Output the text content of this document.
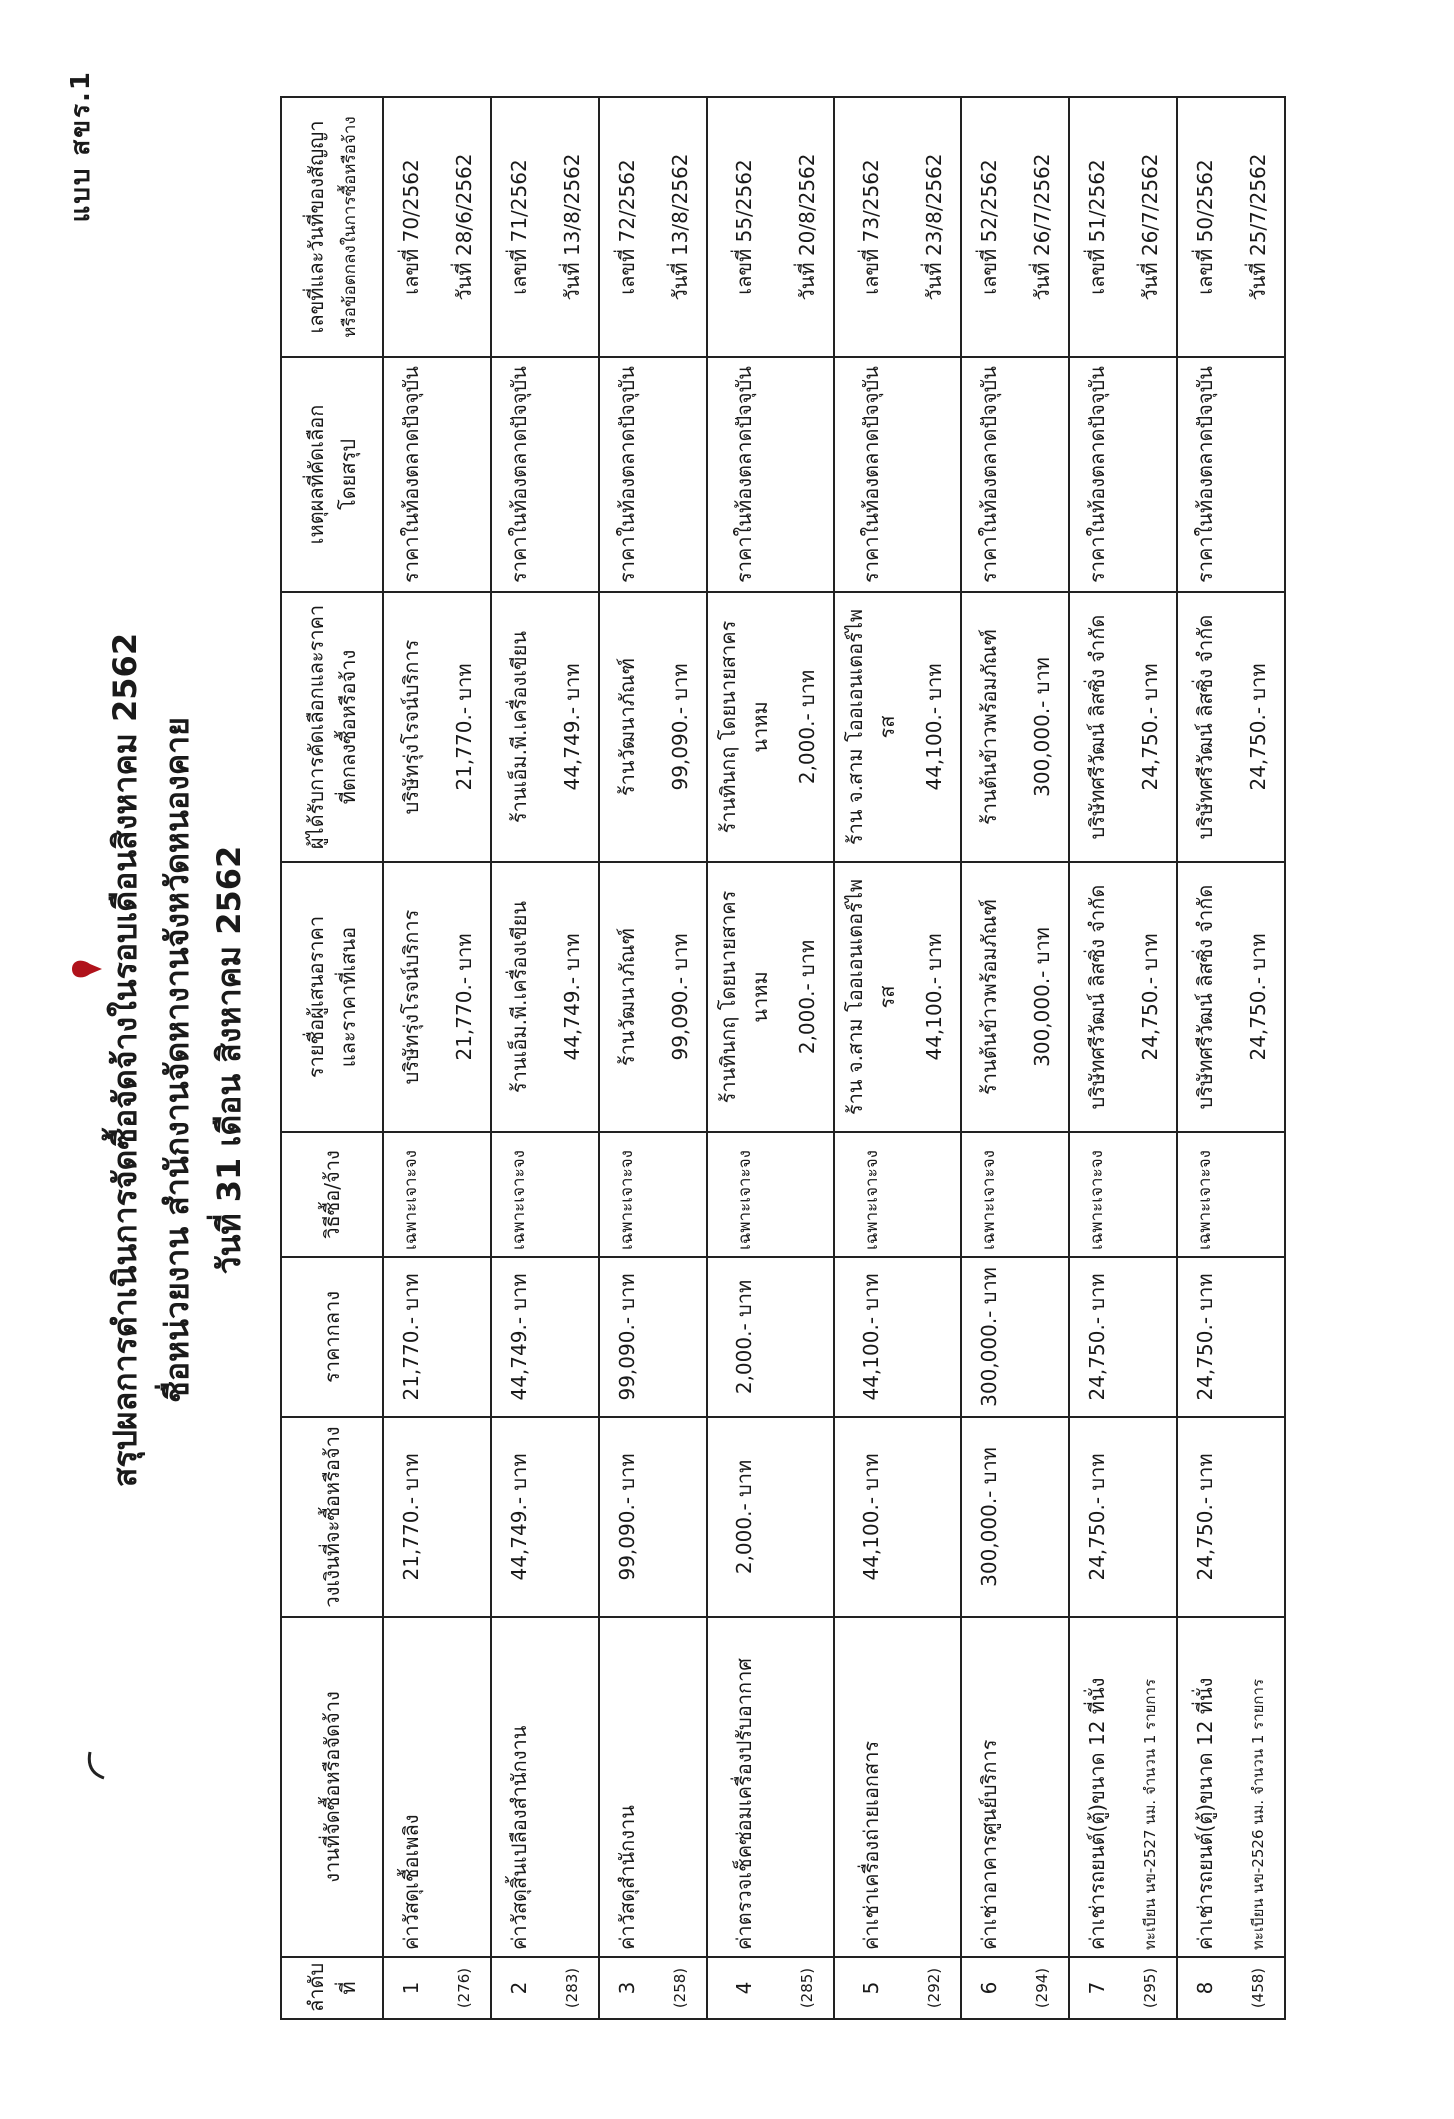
แบบ สขร.1
สรุปผลการดำเนินการจัดซื้อจัดจ้างในรอบเดือนสิงหาคม 2562 ชื่อหน่วยงาน สำนักงานจัดหางานจังหวัดหนองคาย วันที่ 31 เดือน สิงหาคม 2562
ลำดับที่	งานที่จัดซื้อหรือจัดจ้าง	วงเงินที่จะซื้อหรือจ้าง	ราคากลาง	วิธีซื้อ/จ้าง	รายชื่อผู้เสนอราคา และราคาที่เสนอ	ผู้ได้รับการคัดเลือกและราคา ที่ตกลงซื้อหรือจ้าง	เหตุผลที่คัดเลือก โดยสรุป	เลขที่และวันที่ของสัญญา หรือข้อตกลงในการซื้อหรือจ้าง
1	ค่าวัสดุเชื้อเพลิง	21,770.- บาท	21,770.- บาท	เฉพาะเจาะจง	บริษัทรุ่งโรจน์บริการ	บริษัทรุ่งโรจน์บริการ	ราคาในท้องตลาดปัจจุบัน	เลขที่ 70/2562
(276)					21,770.- บาท	21,770.- บาท		วันที่ 28/6/2562
2	ค่าวัสดุสิ้นเปลืองสำนักงาน	44,749.- บาท	44,749.- บาท	เฉพาะเจาะจง	ร้านเอ็ม.พี.เครื่องเขียน	ร้านเอ็ม.พี.เครื่องเขียน	ราคาในท้องตลาดปัจจุบัน	เลขที่ 71/2562
(283)					44,749.- บาท	44,749.- บาท		วันที่ 13/8/2562
3	ค่าวัสดุสำนักงาน	99,090.- บาท	99,090.- บาท	เฉพาะเจาะจง	ร้านวัฒนาภัณฑ์	ร้านวัฒนาภัณฑ์	ราคาในท้องตลาดปัจจุบัน	เลขที่ 72/2562
(258)					99,090.- บาท	99,090.- บาท		วันที่ 13/8/2562
4	ค่าตรวจเช็คซ่อมเครื่องปรับอากาศ	2,000.- บาท	2,000.- บาท	เฉพาะเจาะจง	ร้านทินกฤ โดยนายสาคร นาหม	ร้านทินกฤ โดยนายสาคร นาหม	ราคาในท้องตลาดปัจจุบัน	เลขที่ 55/2562
(285)					2,000.- บาท	2,000.- บาท		วันที่ 20/8/2562
5	ค่าเช่าเครื่องถ่ายเอกสาร	44,100.- บาท	44,100.- บาท	เฉพาะเจาะจง	ร้าน จ.สาม โออเอนเตอร์ไพรส	ร้าน จ.สาม โออเอนเตอร์ไพรส	ราคาในท้องตลาดปัจจุบัน	เลขที่ 73/2562
(292)					44,100.- บาท	44,100.- บาท		วันที่ 23/8/2562
6	ค่าเช่าอาคารศูนย์บริการ	300,000.- บาท	300,000.- บาท	เฉพาะเจาะจง	ร้านต้นข้าวพร้อมภัณฑ์	ร้านต้นข้าวพร้อมภัณฑ์	ราคาในท้องตลาดปัจจุบัน	เลขที่ 52/2562
(294)					300,000.- บาท	300,000.- บาท		วันที่ 26/7/2562
7	ค่าเช่ารถยนต์(ตู้)ขนาด 12 ที่นั่ง	24,750.- บาท	24,750.- บาท	เฉพาะเจาะจง	บริษัทศรีวัฒน์ ลิสซิ่ง จำกัด	บริษัทศรีวัฒน์ ลิสซิ่ง จำกัด	ราคาในท้องตลาดปัจจุบัน	เลขที่ 51/2562
(295)	ทะเบียน นข-2527 นม. จำนวน 1 รายการ				24,750.- บาท	24,750.- บาท		วันที่ 26/7/2562
8	ค่าเช่ารถยนต์(ตู้)ขนาด 12 ที่นั่ง	24,750.- บาท	24,750.- บาท	เฉพาะเจาะจง	บริษัทศรีวัฒน์ ลิสซิ่ง จำกัด	บริษัทศรีวัฒน์ ลิสซิ่ง จำกัด	ราคาในท้องตลาดปัจจุบัน	เลขที่ 50/2562
(458)	ทะเบียน นข-2526 นม. จำนวน 1 รายการ				24,750.- บาท	24,750.- บาท		วันที่ 25/7/2562
